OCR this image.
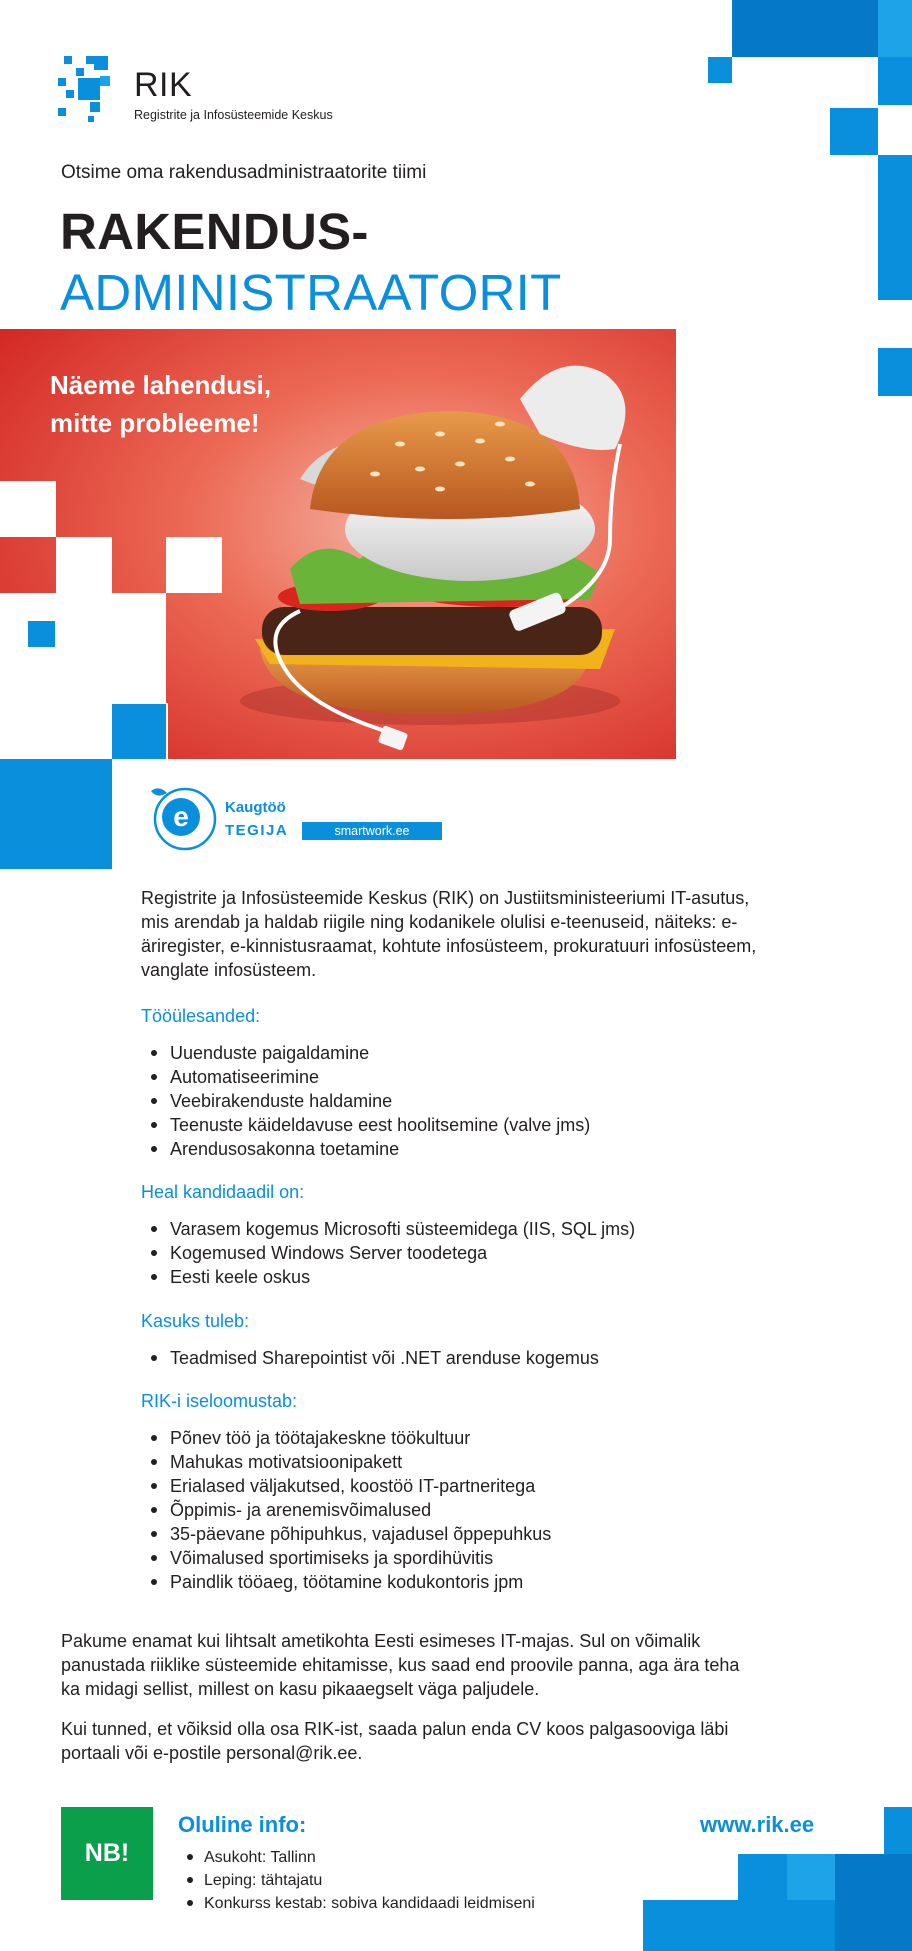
RIK
Registrite ja Infosüsteemide Keskus
Otsime oma rakendusadministraatorite tiimi
RAKENDUS-
ADMINISTRAATORIT
Näeme lahendusi,
mitte probleeme!
e Kaugtöö
TEGIJA	smartwork.ee

Registrite ja Infosüsteemide Keskus (RIK) on Justiitsministeeriumi IT-asutus,

mis arendab ja haldab riigile ning kodanikele olulisi e-teenuseid, näiteks: e-

äriregister, e-kinnistusraamat, kohtute infosüsteem, prokuratuuri infosüsteem,

vanglate infosüsteem.

Tööülesanded:

Uuenduste paigaldamine
Automatiseerimine
Veebirakenduste haldamine
Teenuste käideldavuse eest hoolitsemine (valve jms)
Arendusosakonna toetamine

Heal kandidaadil on:

Varasem kogemus Microsofti süsteemidega (IIS, SQL jms)
Kogemused Windows Server toodetega
Eesti keele oskus

Kasuks tuleb:

Teadmised Sharepointist või .NET arenduse kogemus

RIK-i iseloomustab:

Põnev töö ja töötajakeskne töökultuur
Mahukas motivatsioonipakett
Erialased väljakutsed, koostöö IT-partneritega
Õppimis- ja arenemisvõimalused
35-päevane põhipuhkus, vajadusel õppepuhkus
Võimalused sportimiseks ja spordihüvitis
Paindlik tööaeg, töötamine kodukontoris jpm
Pakume enamat kui lihtsalt ametikohta Eesti esimeses IT-majas. Sul on võimalik
panustada riiklike süsteemide ehitamisse, kus saad end proovile panna, aga ära teha
ka midagi sellist, millest on kasu pikaaegselt väga paljudele.
Kui tunned, et võiksid olla osa RIK-ist, saada palun enda CV koos palgasooviga läbi
portaali või e-postile personal@rik.ee.
NB!
Oluline info:
Asukoht: Tallinn
Leping: tähtajatu
Konkurss kestab: sobiva kandidaadi leidmiseni
www.rik.ee
